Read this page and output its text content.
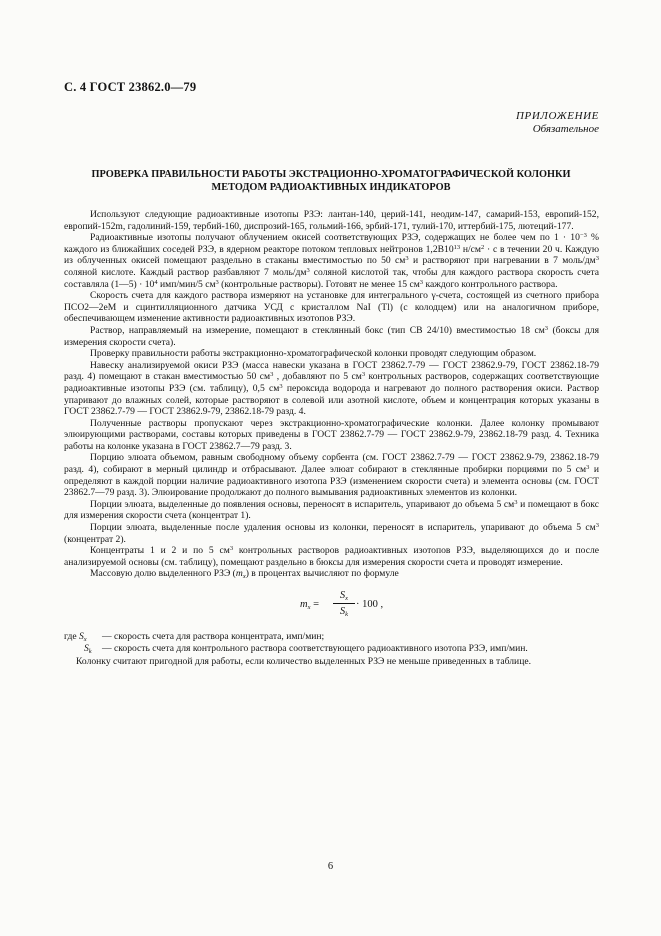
С. 4 ГОСТ 23862.0—79
ПРИЛОЖЕНИЕ
Обязательное
ПРОВЕРКА ПРАВИЛЬНОСТИ РАБОТЫ ЭКСТРАЦИОННО-ХРОМАТОГРАФИЧЕСКОЙ КОЛОНКИ МЕТОДОМ РАДИОАКТИВНЫХ ИНДИКАТОРОВ

Используют следующие радиоактивные изотопы РЗЭ: лантан-140, церий-141, неодим-147, самарий-153, европий-152, европий-152m, гадолиний-159, тербий-160, диспрозий-165, гольмий-166, эрбий-171, тулий-170, иттербий-175, лютеций-177.

Радиоактивные изотопы получают облучением окисей соответствующих РЗЭ, содержащих не более чем по $1 \cdot 10^{-3}$ % каждого из ближайших соседей РЗЭ, в ядерном реакторе потоком тепловых нейтронов $1,2В10^{13}$ $н/см^2 \cdot с$ в течении 20 ч. Каждую из облученных окисей помещают раздельно в стаканы вместимостью по 50 $см^3$ и растворяют при нагревании в 7 моль/$дм^3$ соляной кислоте. Каждый раствор разбавляют 7 моль/$дм^3$ соляной кислотой так, чтобы для каждого раствора скорость счета составляла (1—5) · $10^4$ имп/мин/5 $см^3$ (контрольные растворы). Готовят не менее 15 $см^3$ каждого контрольного раствора.

Скорость счета для каждого раствора измеряют на установке для интегрального γ-счета, состоящей из счетного прибора ПСО2—2еМ и сцинтилляционного датчика УСД с кристаллом NaI (Tl) (с колодцем) или на аналогичном приборе, обеспечивающем изменение активности радиоактивных изотопов РЗЭ.

Раствор, направляемый на измерение, помещают в стеклянный бокс (тип СВ 24/10) вместимостью 18 $см^3$ (боксы для измерения скорости счета).

Проверку правильности работы экстракционно-хроматографической колонки проводят следующим образом.

Навеску анализируемой окиси РЗЭ (масса навески указана в ГОСТ 23862.7-79 — ГОСТ 23862.9-79, ГОСТ 23862.18-79 разд. 4) помещают в стакан вместимостью 50 $см^3$ , добавляют по 5 $см^3$ контрольных растворов, содержащих соответствующие радиоактивные изотопы РЗЭ (см. таблицу), 0,5 $см^3$ пероксида водорода и нагревают до полного растворения окиси. Раствор упаривают до влажных солей, которые растворяют в солевой или азотной кислоте, объем и концентрация которых указаны в ГОСТ 23862.7-79 — ГОСТ 23862.9-79, 23862.18-79 разд. 4.

Полученные растворы пропускают через экстракционно-хроматографические колонки. Далее колонку промывают элюирующими растворами, составы которых приведены в ГОСТ 23862.7-79 — ГОСТ 23862.9-79, 23862.18-79 разд. 4. Техника работы на колонке указана в ГОСТ 23862.7—79 разд. 3.

Порцию элюата объемом, равным свободному объему сорбента (см. ГОСТ 23862.7-79 — ГОСТ 23862.9-79, 23862.18-79 разд. 4), собирают в мерный цилиндр и отбрасывают. Далее элюат собирают в стеклянные пробирки порциями по 5 $см^3$ и определяют в каждой порции наличие радиоактивного изотопа РЗЭ (изменением скорости счета) и элемента основы (см. ГОСТ 23862.7—79 разд. 3). Элюирование продолжают до полного вымывания радиоактивных элементов из колонки.

Порции элюата, выделенные до появления основы, переносят в испаритель, упаривают до объема 5 $см^3$ и помещают в бокс для измерения скорости счета (концентрат 1).

Порции элюата, выделенные после удаления основы из колонки, переносят в испаритель, упаривают до объема 5 $см^3$ (концентрат 2).

Концентраты 1 и 2 и по 5 $см^3$ контрольных растворов радиоактивных изотопов РЗЭ, выделяющихся до и после анализируемой основы (см. таблицу), помещают раздельно в бюксы для измерения скорости счета и проводят измерение.

Массовую долю выделенного РЗЭ $(m_x)$ в процентах вычисляют по формуле

$m_x$ =
$S_x$
$S_k$
· 100 ,
где $S_x$	— скорость счета для раствора концентрата, имп/мин;
$S_k$	— скорость счета для контрольного раствора соответствующего радиоактивного изотопа РЗЭ, имп/мин.

Колонку считают пригодной для работы, если количество выделенных РЗЭ не меньше приведенных в таблице.

6
